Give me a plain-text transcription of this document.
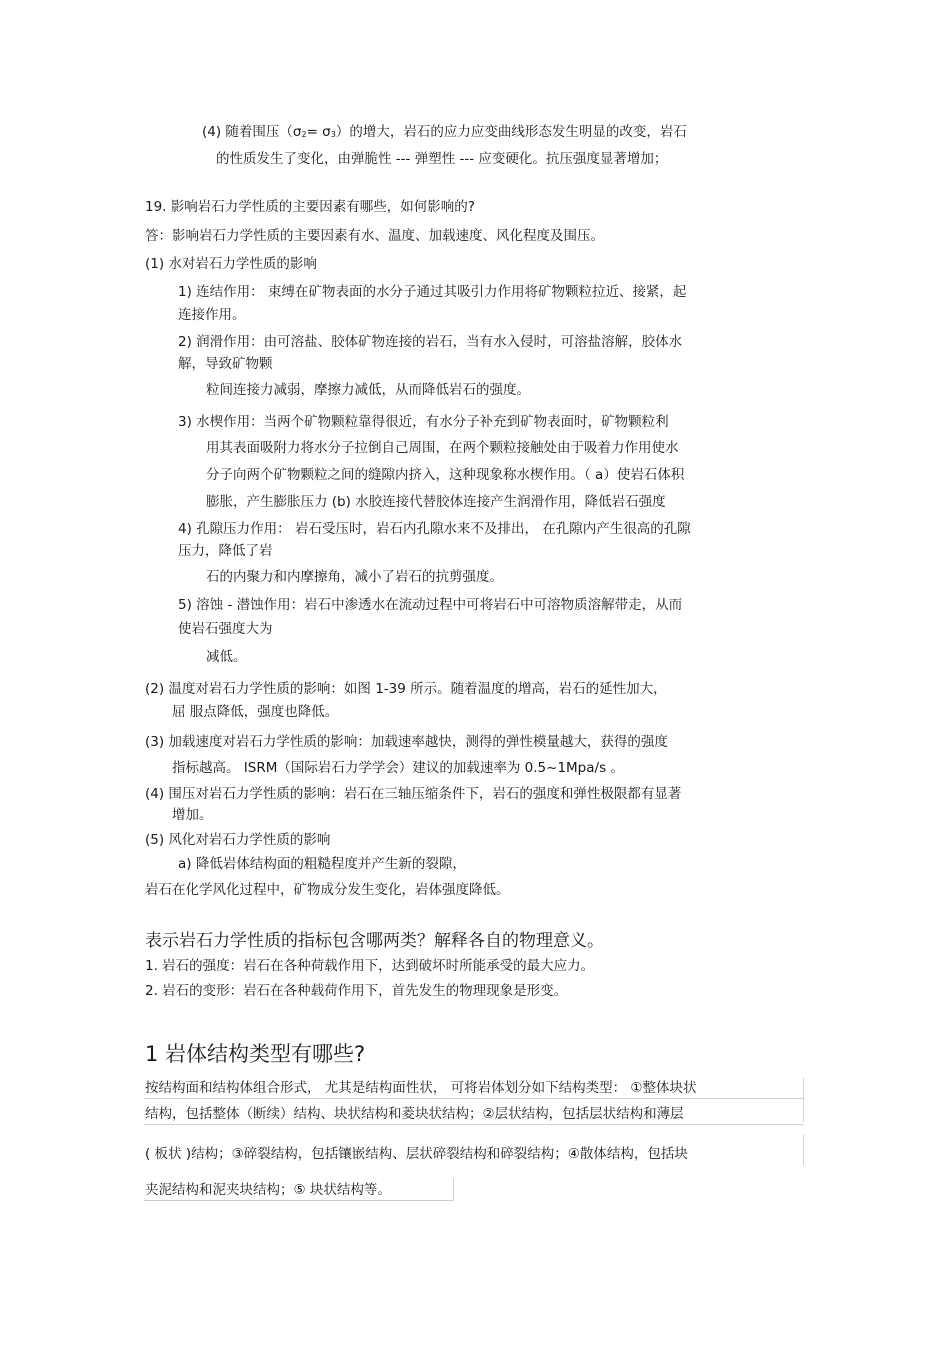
(4) 随着围压（σ2= σ3）的增大，岩石的应力应变曲线形态发生明显的改变，岩石
的性质发生了变化，由弹脆性 --- 弹塑性 --- 应变硬化。抗压强度显著增加；
19. 影响岩石力学性质的主要因素有哪些，如何影响的?
答：影响岩石力学性质的主要因素有水、温度、加载速度、风化程度及围压。
(1) 水对岩石力学性质的影响
1) 连结作用： 束缚在矿物表面的水分子通过其吸引力作用将矿物颗粒拉近、接紧，起
连接作用。
2) 润滑作用：由可溶盐、胶体矿物连接的岩石，当有水入侵时，可溶盐溶解，胶体水
解，导致矿物颗
粒间连接力减弱，摩擦力减低，从而降低岩石的强度。
3) 水楔作用：当两个矿物颗粒靠得很近，有水分子补充到矿物表面时，矿物颗粒利
用其表面吸附力将水分子拉倒自己周围，在两个颗粒接触处由于吸着力作用使水
分子向两个矿物颗粒之间的缝隙内挤入，这种现象称水楔作用。（ a）使岩石体积
膨胀，产生膨胀压力 (b) 水胶连接代替胶体连接产生润滑作用，降低岩石强度
4) 孔隙压力作用： 岩石受压时，岩石内孔隙水来不及排出， 在孔隙内产生很高的孔隙
压力，降低了岩
石的内聚力和内摩擦角，减小了岩石的抗剪强度。
5) 溶蚀 - 潜蚀作用：岩石中渗透水在流动过程中可将岩石中可溶物质溶解带走，从而
使岩石强度大为
减低。
(2) 温度对岩石力学性质的影响：如图 1-39 所示。随着温度的增高，岩石的延性加大，
屈 服点降低，强度也降低。
(3) 加载速度对岩石力学性质的影响：加载速率越快，测得的弹性模量越大，获得的强度
指标越高。 ISRM（国际岩石力学学会）建议的加载速率为 0.5~1Mpa/s 。
(4) 围压对岩石力学性质的影响：岩石在三轴压缩条件下，岩石的强度和弹性极限都有显著
增加。
(5) 风化对岩石力学性质的影响
a) 降低岩体结构面的粗糙程度并产生新的裂隙，
岩石在化学风化过程中，矿物成分发生变化，岩体强度降低。
表示岩石力学性质的指标包含哪两类？解释各自的物理意义。
1. 岩石的强度：岩石在各种荷载作用下，达到破坏时所能承受的最大应力。
2. 岩石的变形：岩石在各种载荷作用下，首先发生的物理现象是形变。
1 岩体结构类型有哪些?
按结构面和结构体组合形式， 尤其是结构面性状， 可将岩体划分如下结构类型： ①整体块状
结构，包括整体（断续）结构、块状结构和菱块状结构；②层状结构，包括层状结构和薄层
( 板状 )结构；③碎裂结构，包括镶嵌结构、层状碎裂结构和碎裂结构；④散体结构，包括块
夹泥结构和泥夹块结构；⑤ 块状结构等。
